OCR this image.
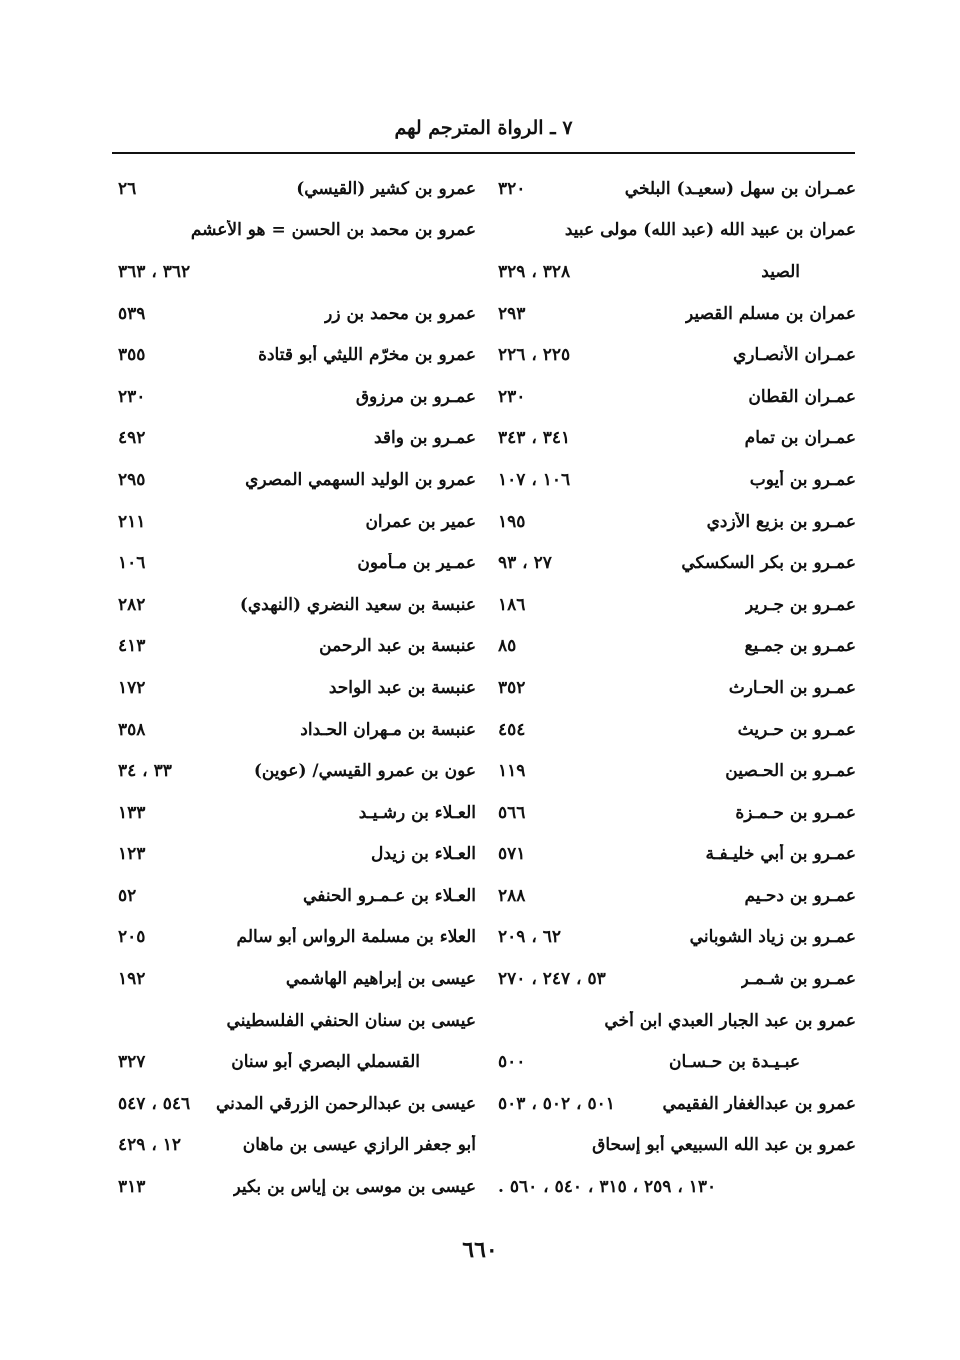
٧ ـ الرواة المترجم لهم
عمـران بن سهل (سعيـد) البلخي
٣٢٠
عمران بن عبيد الله (عبد الله) مولى عبيد
الصيد
٣٢٨ ، ٣٢٩
عمران بن مسلم القصير
٢٩٣
عمـران الأنصـاري
٢٢٥ ، ٢٢٦
عمـران القطان
٢٣٠
عمـران بن تمام
٣٤١ ، ٣٤٣
عمـرو بن أيوب
١٠٦ ، ١٠٧
عمـرو بن بزيع الأزدي
١٩٥
عمـرو بن بكر السكسكي
٢٧ ، ٩٣
عمـرو بن جـرير
١٨٦
عمـرو بن جمـيع
٨٥
عمـرو بن الحـارث
٣٥٢
عمـرو بن حـريث
٤٥٤
عمـرو بن الحـصين
١١٩
عمـرو بن حـمـزة
٥٦٦
عمـرو بن أبي خليـفـة
٥٧١
عمـرو بن دحـيم
٢٨٨
عمـرو بن زياد الشوباني
٦٢ ، ٢٠٩
عمـرو بن شـمـر
٥٣ ، ٢٤٧ ، ٢٧٠
عمرو بن عبد الجبار العبدي ابن أخي
عبـيـدة بن حـسـان
٥٠٠
عمرو بن عبدالغفار الفقيمي
٥٠١ ، ٥٠٢ ، ٥٠٣
عمرو بن عبد الله السبيعي أبو إسحاق
١٣٠ ، ٢٥٩ ، ٣١٥ ، ٥٤٠ ، ٥٦٠ .
عمرو بن كشير (القيسي)
٢٦
عمرو بن محمد بن الحسن = هو الأعشم
٣٦٢ ، ٣٦٣
عمرو بن محمد بن زر
٥٣٩
عمرو بن مخرّم الليثي أبو قتادة
٣٥٥
عمـرو بن مرزوق
٢٣٠
عمـرو بن واقد
٤٩٢
عمرو بن الوليد السهمي المصري
٢٩٥
عمير بن عمران
٢١١
عمـير بن مـأمون
١٠٦
عنبسة بن سعيد النضري (النهدي)
٢٨٢
عنبسة بن عبد الرحمن
٤١٣
عنبسة بن عبد الواحد
١٧٢
عنبسة بن مـهران الحـداد
٣٥٨
عون بن عمرو القيسي/ (عوين)
٣٣ ، ٣٤
العـلاء بن رشـيـد
١٣٣
العـلاء بن زيدل
١٢٣
العـلاء بن عـمـرو الحنفي
٥٢
العلاء بن مسلمة الرواس أبو سالم
٢٠٥
عيسى بن إبراهيم الهاشمي
١٩٢
عيسى بن سنان الحنفي الفلسطيني
القسملي البصري أبو سنان
٣٢٧
عيسى بن عبدالرحمن الزرقي المدني
٥٤٦ ، ٥٤٧
أبو جعفر الرازي عيسى بن ماهان
١٢ ، ٤٢٩
عيسى بن موسى بن إياس بن بكير
٣١٣
٦٦٠
